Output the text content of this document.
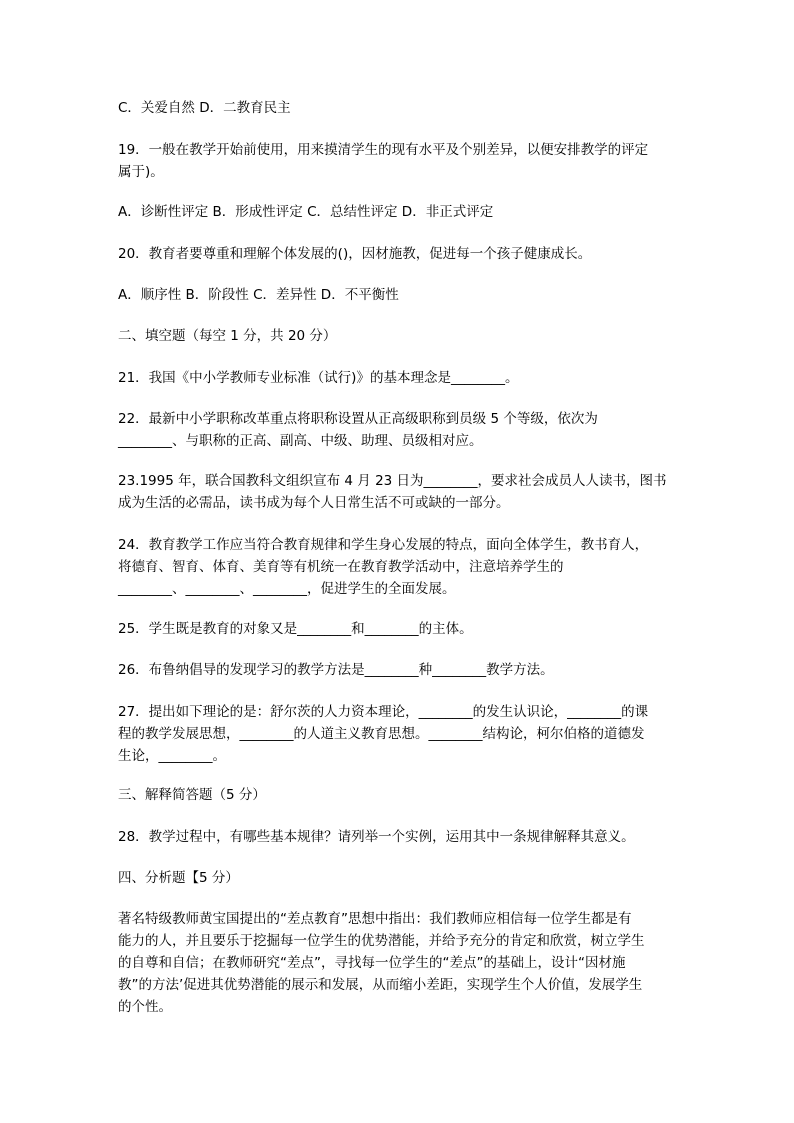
C．关爱自然 D．二教育民主
19．一般在教学开始前使用，用来摸清学生的现有水平及个别差异，以便安排教学的评定
属于)。
A．诊断性评定 B．形成性评定 C．总结性评定 D．非正式评定
20．教育者要尊重和理解个体发展的()，因材施教，促进每一个孩子健康成长。
A．顺序性 B．阶段性 C．差异性 D．不平衡性
二、填空题（每空 1 分，共 20 分）
21．我国《中小学教师专业标准（试行)》的基本理念是________。
22．最新中小学职称改革重点将职称设置从正高级职称到员级 5 个等级，依次为
________、与职称的正高、副高、中级、助理、员级相对应。
23.1995 年，联合国教科文组织宣布 4 月 23 日为________，要求社会成员人人读书，图书
成为生活的必需品，读书成为每个人日常生活不可或缺的一部分。
24．教育教学工作应当符合教育规律和学生身心发展的特点，面向全体学生，教书育人，
将德育、智育、体育、美育等有机统一在教育教学活动中，注意培养学生的
________、________、________，促进学生的全面发展。
25．学生既是教育的对象又是________和________的主体。
26．布鲁纳倡导的发现学习的教学方法是________种________教学方法。
27．提出如下理论的是：舒尔茨的人力资本理论，________的发生认识论，________的课
程的教学发展思想，________的人道主义教育思想。________结构论，柯尔伯格的道德发
生论，________。
三、解释简答题（5 分）
28．教学过程中，有哪些基本规律？请列举一个实例，运用其中一条规律解释其意义。
四、分析题【5 分）
著名特级教师黄宝国提出的“差点教育”思想中指出：我们教师应相信每一位学生都是有
能力的人，并且要乐于挖掘每一位学生的优势潜能，并给予充分的肯定和欣赏，树立学生
的自尊和自信；在教师研究“差点”，寻找每一位学生的“差点”的基础上，设计“因材施
教”的方法’促进其优势潜能的展示和发展，从而缩小差距，实现学生个人价值，发展学生
的个性。
